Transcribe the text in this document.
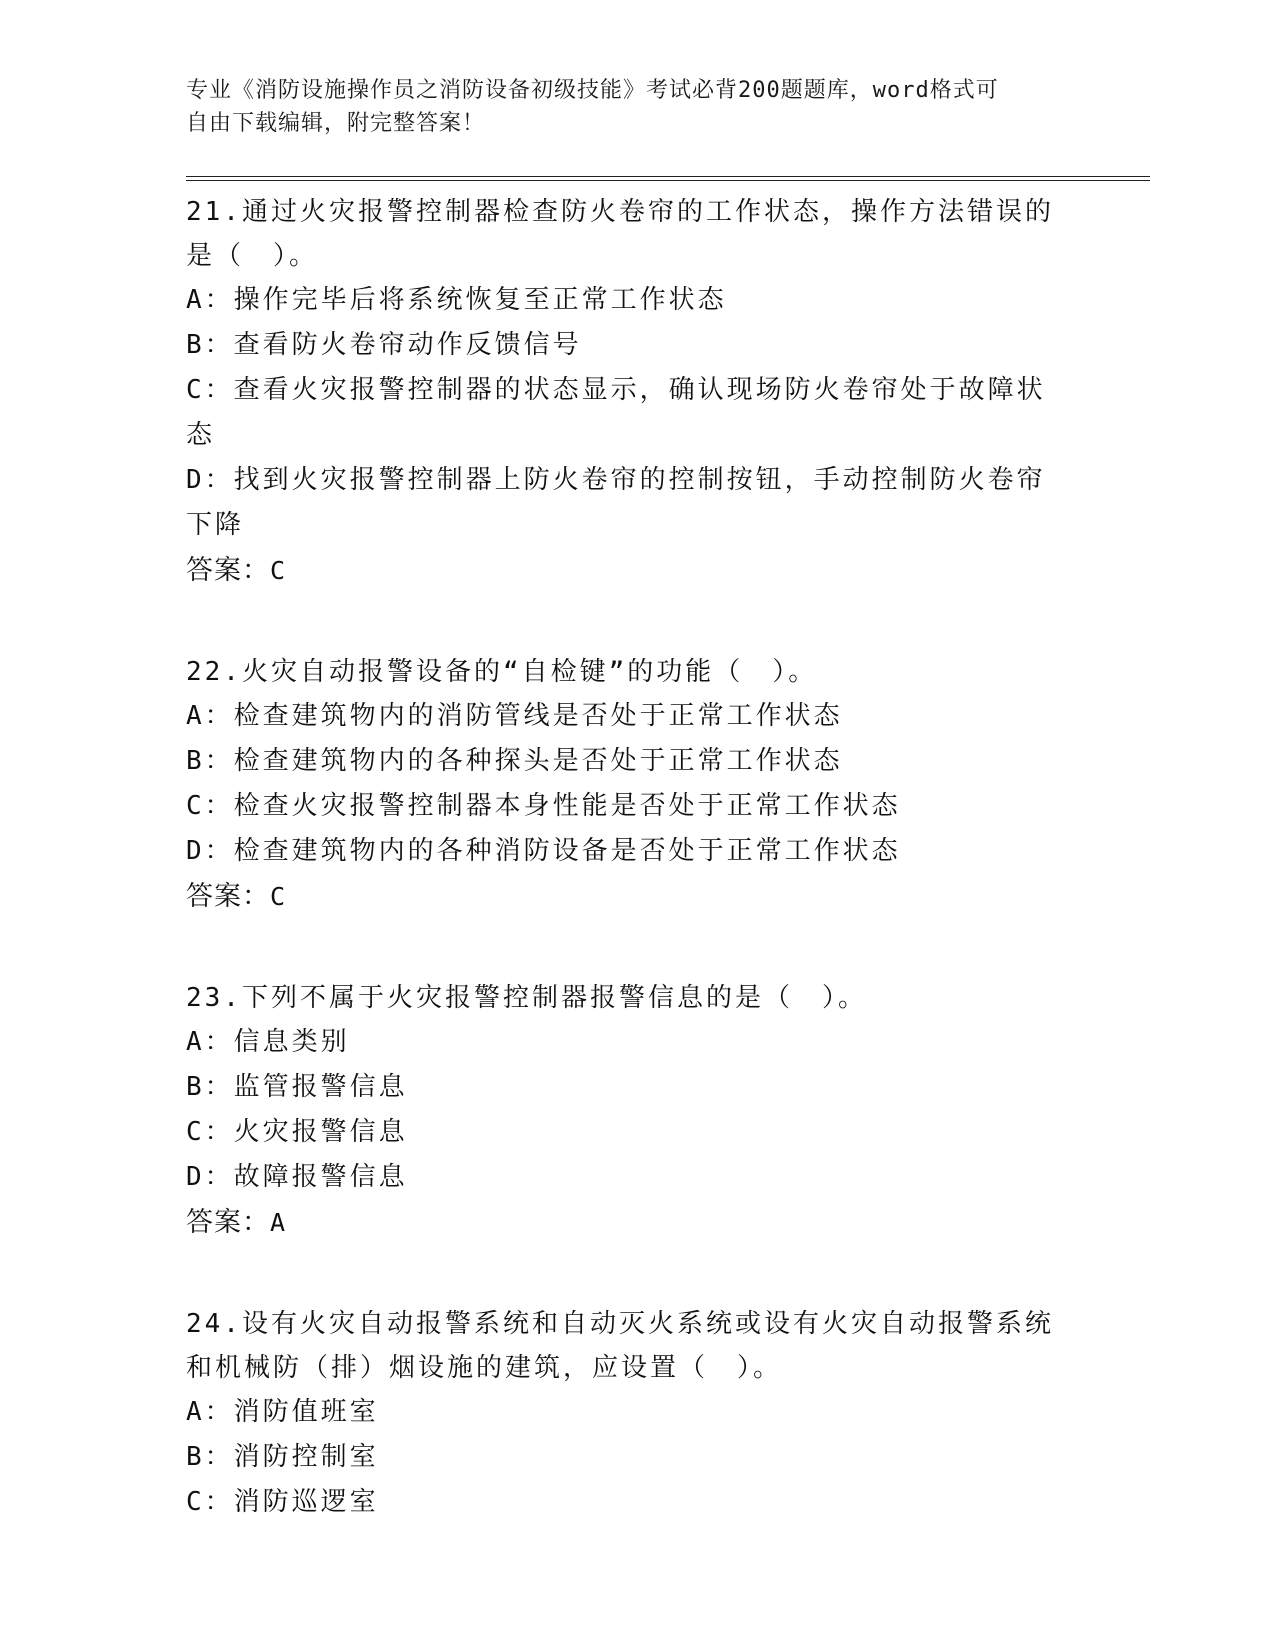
专业《消防设施操作员之消防设备初级技能》考试必背200题题库，word格式可
自由下载编辑，附完整答案！
21.通过火灾报警控制器检查防火卷帘的工作状态，操作方法错误的是（　）。
A：操作完毕后将系统恢复至正常工作状态
B：查看防火卷帘动作反馈信号
C：查看火灾报警控制器的状态显示，确认现场防火卷帘处于故障状态
D：找到火灾报警控制器上防火卷帘的控制按钮，手动控制防火卷帘下降
答案：C
22.火灾自动报警设备的“自检键”的功能（　）。
A：检查建筑物内的消防管线是否处于正常工作状态
B：检查建筑物内的各种探头是否处于正常工作状态
C：检查火灾报警控制器本身性能是否处于正常工作状态
D：检查建筑物内的各种消防设备是否处于正常工作状态
答案：C
23.下列不属于火灾报警控制器报警信息的是（　）。
A：信息类别
B：监管报警信息
C：火灾报警信息
D：故障报警信息
答案：A
24.设有火灾自动报警系统和自动灭火系统或设有火灾自动报警系统和机械防（排）烟设施的建筑，应设置（　）。
A：消防值班室
B：消防控制室
C：消防巡逻室
